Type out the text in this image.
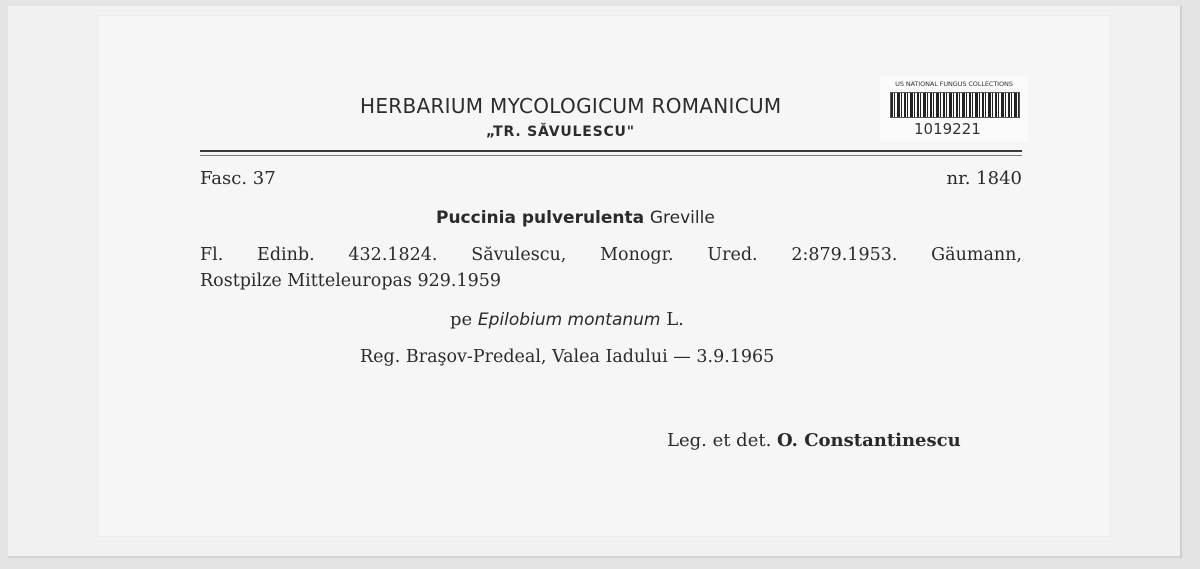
HERBARIUM MYCOLOGICUM ROMANICUM
„TR. SĂVULESCU"
US NATIONAL FUNGUS COLLECTIONS
1019221
Fasc. 37	nr. 1840
Puccinia pulverulenta Greville
Fl. Edinb. 432.1824. Săvulescu, Monogr. Ured. 2:879.1953. Gäumann,
Rostpilze Mitteleuropas 929.1959
pe Epilobium montanum L.
Reg. Braşov-Predeal, Valea Iadului — 3.9.1965
Leg. et det. O. Constantinescu
